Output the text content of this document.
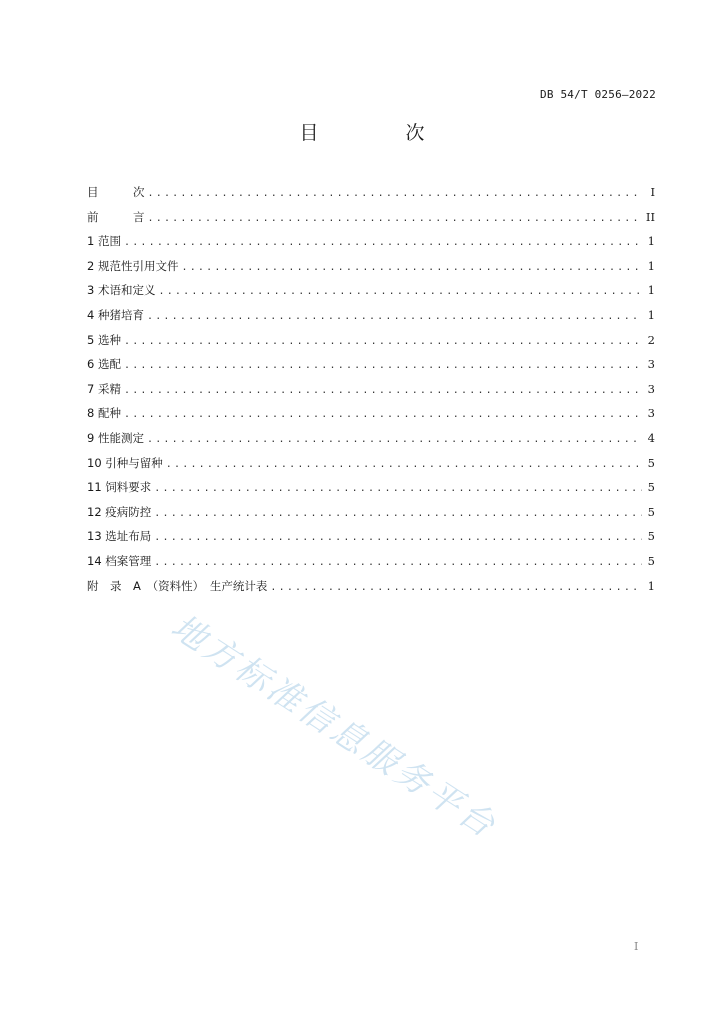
DB 54/T 0256—2022
目　次
目　　　次 .....	I
前　　　言 .....	II
1 范围 .....	1
2 规范性引用文件 .....	1
3 术语和定义 .....	1
4 种猪培育 .....	1
5 选种 .....	2
6 选配 .....	3
7 采精 .....	3
8 配种 .....	3
9 性能测定 .....	4
10 引种与留种 .....	5
11 饲料要求 .....	5
12 疫病防控 .....	5
13 选址布局 .....	5
14 档案管理 .....	5
附　录　A　（资料性）　生产统计表 .....	1
地方标准信息服务平台
I
